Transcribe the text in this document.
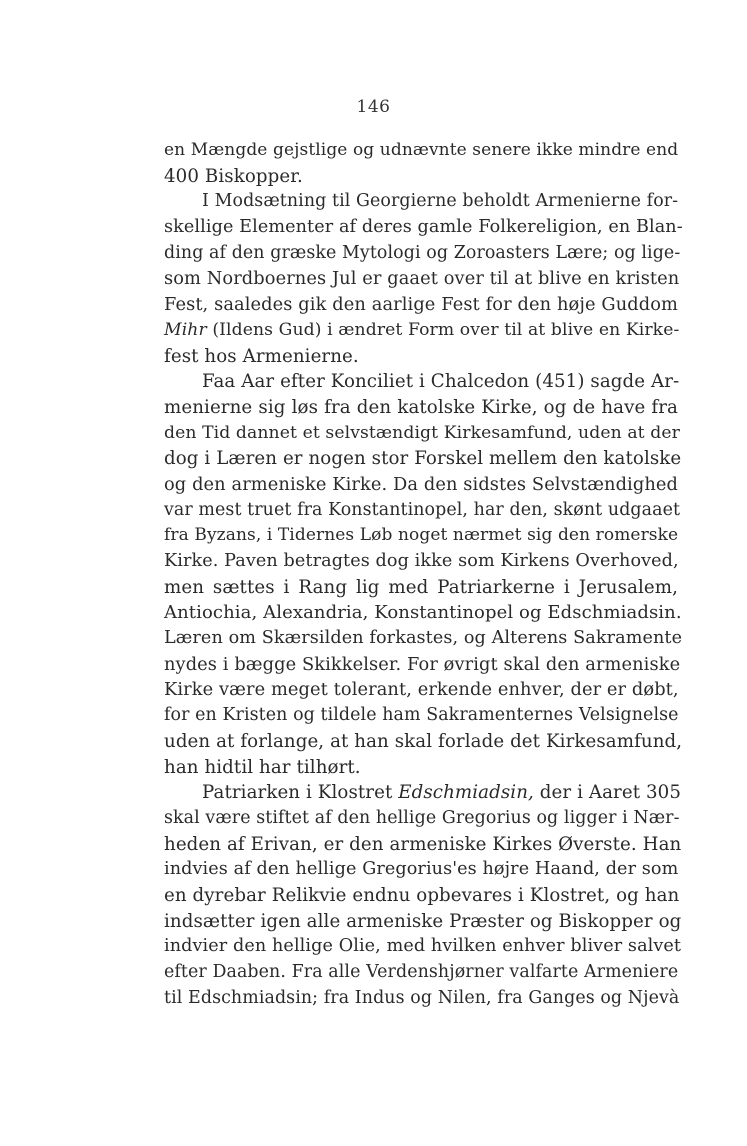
146
en Mængde gejstlige og udnævnte senere ikke mindre end
400 Biskopper.
I Modsætning til Georgierne beholdt Armenierne for-
skellige Elementer af deres gamle Folkereligion, en Blan-
ding af den græske Mytologi og Zoroasters Lære; og lige-
som Nordboernes Jul er gaaet over til at blive en kristen
Fest, saaledes gik den aarlige Fest for den høje Guddom
Mihr (Ildens Gud) i ændret Form over til at blive en Kirke-
fest hos Armenierne.
Faa Aar efter Konciliet i Chalcedon (451) sagde Ar-
menierne sig løs fra den katolske Kirke, og de have fra
den Tid dannet et selvstændigt Kirkesamfund, uden at der
dog i Læren er nogen stor Forskel mellem den katolske
og den armeniske Kirke. Da den sidstes Selvstændighed
var mest truet fra Konstantinopel, har den, skønt udgaaet
fra Byzans, i Tidernes Løb noget nærmet sig den romerske
Kirke. Paven betragtes dog ikke som Kirkens Overhoved,
men sættes i Rang lig med Patriarkerne i Jerusalem,
Antiochia, Alexandria, Konstantinopel og Edschmiadsin.
Læren om Skærsilden forkastes, og Alterens Sakramente
nydes i bægge Skikkelser. For øvrigt skal den armeniske
Kirke være meget tolerant, erkende enhver, der er døbt,
for en Kristen og tildele ham Sakramenternes Velsignelse
uden at forlange, at han skal forlade det Kirkesamfund,
han hidtil har tilhørt.
Patriarken i Klostret Edschmiadsin, der i Aaret 305
skal være stiftet af den hellige Gregorius og ligger i Nær-
heden af Erivan, er den armeniske Kirkes Øverste. Han
indvies af den hellige Gregorius'es højre Haand, der som
en dyrebar Relikvie endnu opbevares i Klostret, og han
indsætter igen alle armeniske Præster og Biskopper og
indvier den hellige Olie, med hvilken enhver bliver salvet
efter Daaben. Fra alle Verdenshjørner valfarte Armeniere
til Edschmiadsin; fra Indus og Nilen, fra Ganges og Njevà
